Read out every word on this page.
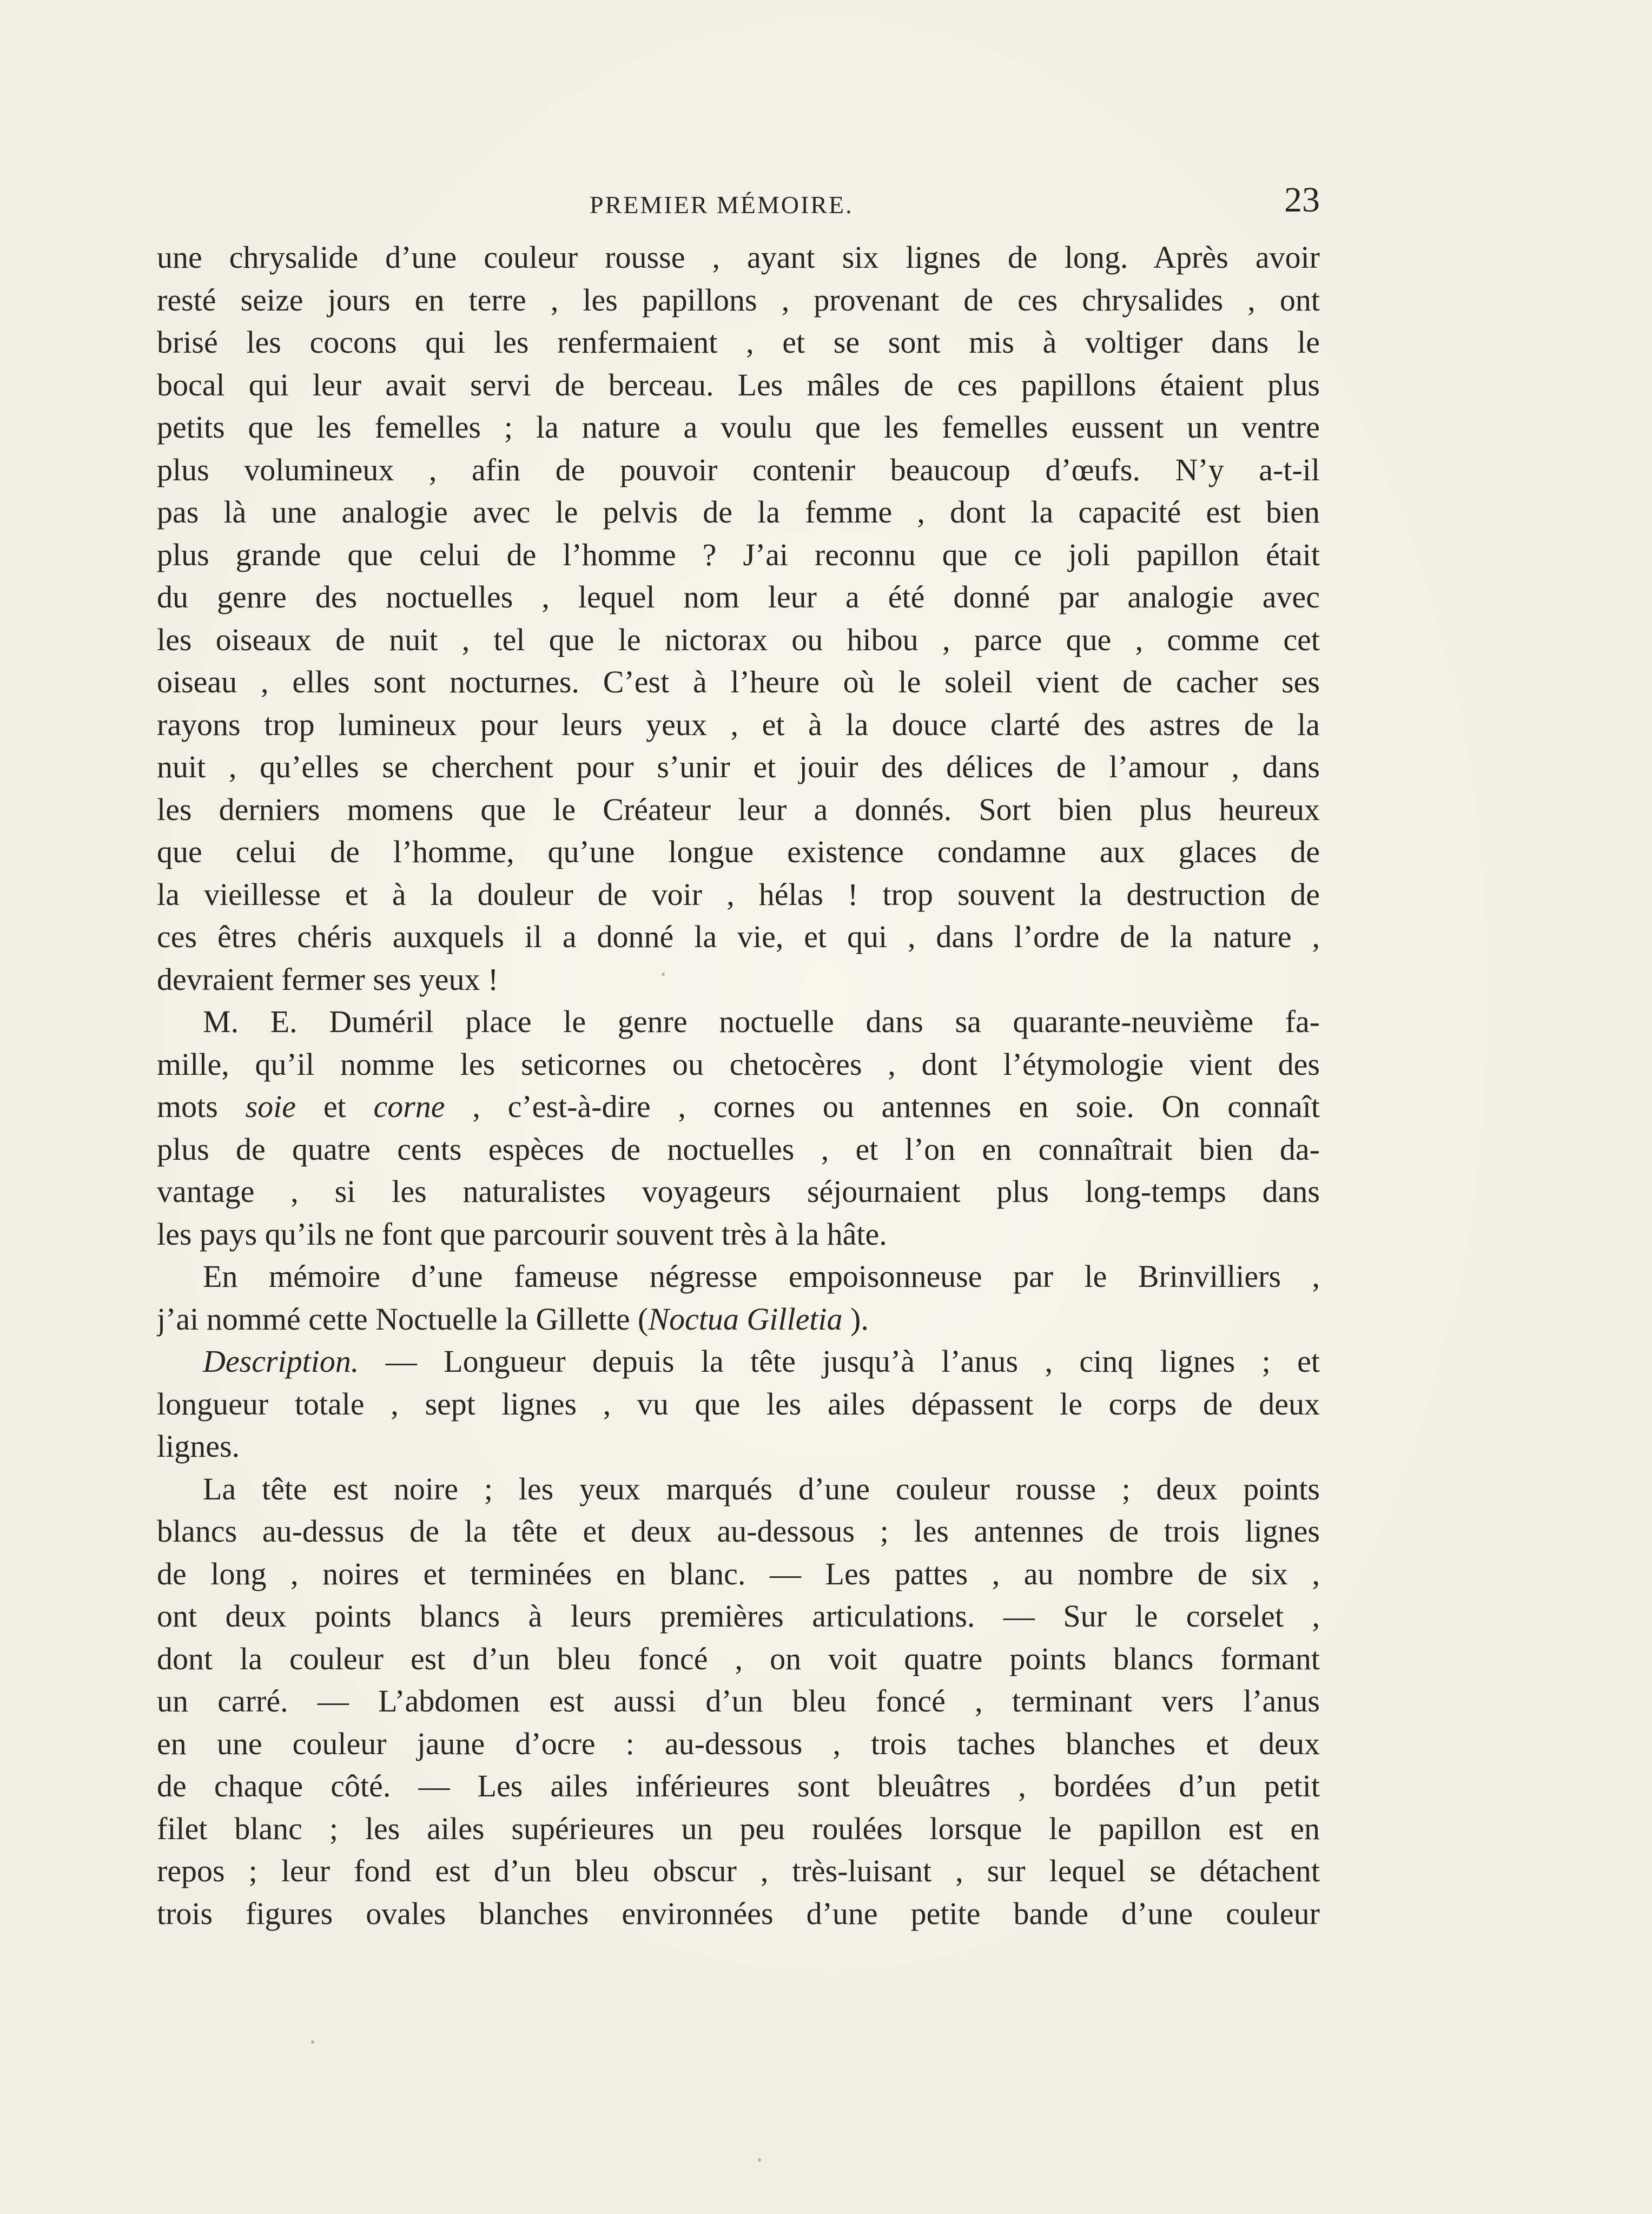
PREMIER MÉMOIRE.	23
une chrysalide d’une couleur rousse , ayant six lignes de long. Après avoir
resté seize jours en terre , les papillons , provenant de ces chrysalides , ont
brisé les cocons qui les renfermaient , et se sont mis à voltiger dans le
bocal qui leur avait servi de berceau. Les mâles de ces papillons étaient plus
petits que les femelles ; la nature a voulu que les femelles eussent un ventre
plus volumineux , afin de pouvoir contenir beaucoup d’œufs. N’y a-t-il
pas là une analogie avec le pelvis de la femme , dont la capacité est bien
plus grande que celui de l’homme ? J’ai reconnu que ce joli papillon était
du genre des noctuelles , lequel nom leur a été donné par analogie avec
les oiseaux de nuit , tel que le nictorax ou hibou , parce que , comme cet
oiseau , elles sont nocturnes. C’est à l’heure où le soleil vient de cacher ses
rayons trop lumineux pour leurs yeux , et à la douce clarté des astres de la
nuit , qu’elles se cherchent pour s’unir et jouir des délices de l’amour , dans
les derniers momens que le Créateur leur a donnés. Sort bien plus heureux
que celui de l’homme, qu’une longue existence condamne aux glaces de
la vieillesse et à la douleur de voir , hélas ! trop souvent la destruction de
ces êtres chéris auxquels il a donné la vie, et qui , dans l’ordre de la nature ,
devraient fermer ses yeux !
M. E. Duméril place le genre noctuelle dans sa quarante-neuvième fa-
mille, qu’il nomme les seticornes ou chetocères , dont l’étymologie vient des
mots soie et corne , c’est-à-dire , cornes ou antennes en soie. On connaît
plus de quatre cents espèces de noctuelles , et l’on en connaîtrait bien da-
vantage , si les naturalistes voyageurs séjournaient plus long-temps dans
les pays qu’ils ne font que parcourir souvent très à la hâte.
En mémoire d’une fameuse négresse empoisonneuse par le Brinvilliers ,
j’ai nommé cette Noctuelle la Gillette (Noctua Gilletia ).
Description. — Longueur depuis la tête jusqu’à l’anus , cinq lignes ; et
longueur totale , sept lignes , vu que les ailes dépassent le corps de deux
lignes.
La tête est noire ; les yeux marqués d’une couleur rousse ; deux points
blancs au-dessus de la tête et deux au-dessous ; les antennes de trois lignes
de long , noires et terminées en blanc. — Les pattes , au nombre de six ,
ont deux points blancs à leurs premières articulations. — Sur le corselet ,
dont la couleur est d’un bleu foncé , on voit quatre points blancs formant
un carré. — L’abdomen est aussi d’un bleu foncé , terminant vers l’anus
en une couleur jaune d’ocre : au-dessous , trois taches blanches et deux
de chaque côté. — Les ailes inférieures sont bleuâtres , bordées d’un petit
filet blanc ; les ailes supérieures un peu roulées lorsque le papillon est en
repos ; leur fond est d’un bleu obscur , très-luisant , sur lequel se détachent
trois figures ovales blanches environnées d’une petite bande d’une couleur
